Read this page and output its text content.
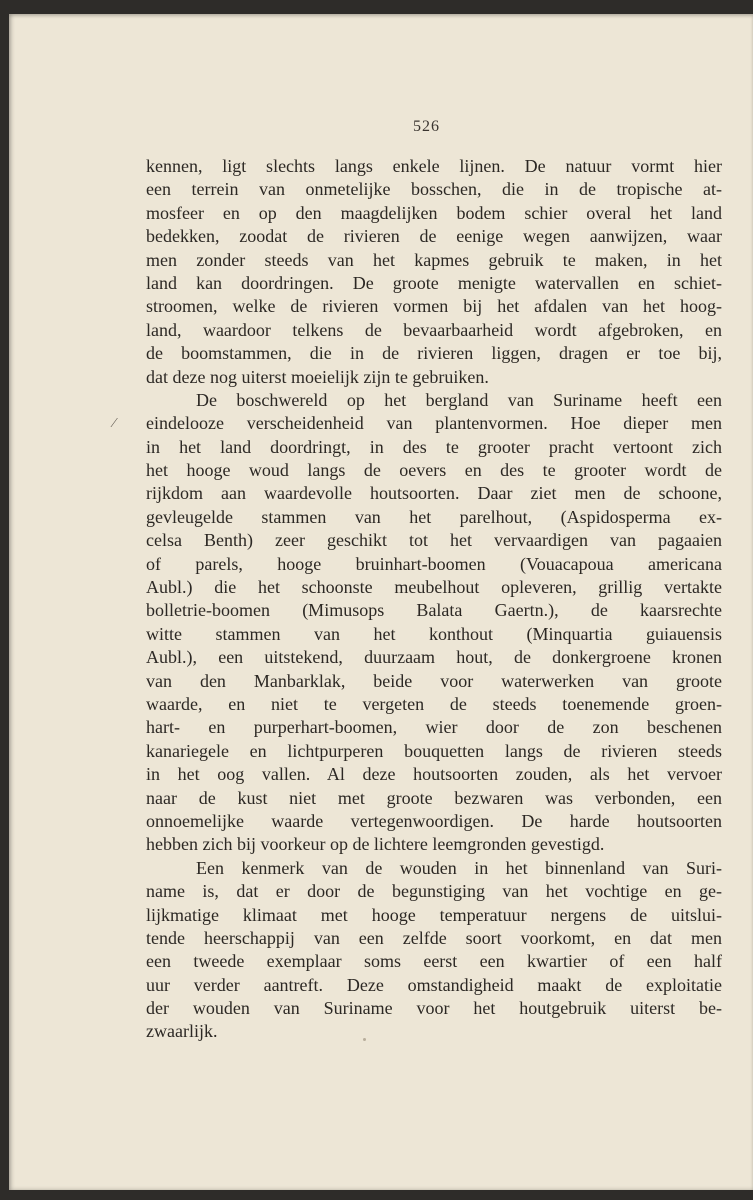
526
⁄
kennen, ligt slechts langs enkele lijnen. De natuur vormt hier
een terrein van onmetelijke bosschen, die in de tropische at-
mosfeer en op den maagdelijken bodem schier overal het land
bedekken, zoodat de rivieren de eenige wegen aanwijzen, waar
men zonder steeds van het kapmes gebruik te maken, in het
land kan doordringen. De groote menigte watervallen en schiet-
stroomen, welke de rivieren vormen bij het afdalen van het hoog-
land, waardoor telkens de bevaarbaarheid wordt afgebroken, en
de boomstammen, die in de rivieren liggen, dragen er toe bij,
dat deze nog uiterst moeielijk zijn te gebruiken.
De boschwereld op het bergland van Suriname heeft een
eindelooze verscheidenheid van plantenvormen. Hoe dieper men
in het land doordringt, in des te grooter pracht vertoont zich
het hooge woud langs de oevers en des te grooter wordt de
rijkdom aan waardevolle houtsoorten. Daar ziet men de schoone,
gevleugelde stammen van het parelhout, (Aspidosperma ex-
celsa Benth) zeer geschikt tot het vervaardigen van pagaaien
of parels, hooge bruinhart-boomen (Vouacapoua americana
Aubl.) die het schoonste meubelhout opleveren, grillig vertakte
bolletrie-boomen (Mimusops Balata Gaertn.), de kaarsrechte
witte stammen van het konthout (Minquartia guiauensis
Aubl.), een uitstekend, duurzaam hout, de donkergroene kronen
van den Manbarklak, beide voor waterwerken van groote
waarde, en niet te vergeten de steeds toenemende groen-
hart- en purperhart-boomen, wier door de zon beschenen
kanariegele en lichtpurperen bouquetten langs de rivieren steeds
in het oog vallen. Al deze houtsoorten zouden, als het vervoer
naar de kust niet met groote bezwaren was verbonden, een
onnoemelijke waarde vertegenwoordigen. De harde houtsoorten
hebben zich bij voorkeur op de lichtere leemgronden gevestigd.
Een kenmerk van de wouden in het binnenland van Suri-
name is, dat er door de begunstiging van het vochtige en ge-
lijkmatige klimaat met hooge temperatuur nergens de uitslui-
tende heerschappij van een zelfde soort voorkomt, en dat men
een tweede exemplaar soms eerst een kwartier of een half
uur verder aantreft. Deze omstandigheid maakt de exploitatie
der wouden van Suriname voor het houtgebruik uiterst be-
zwaarlijk.
